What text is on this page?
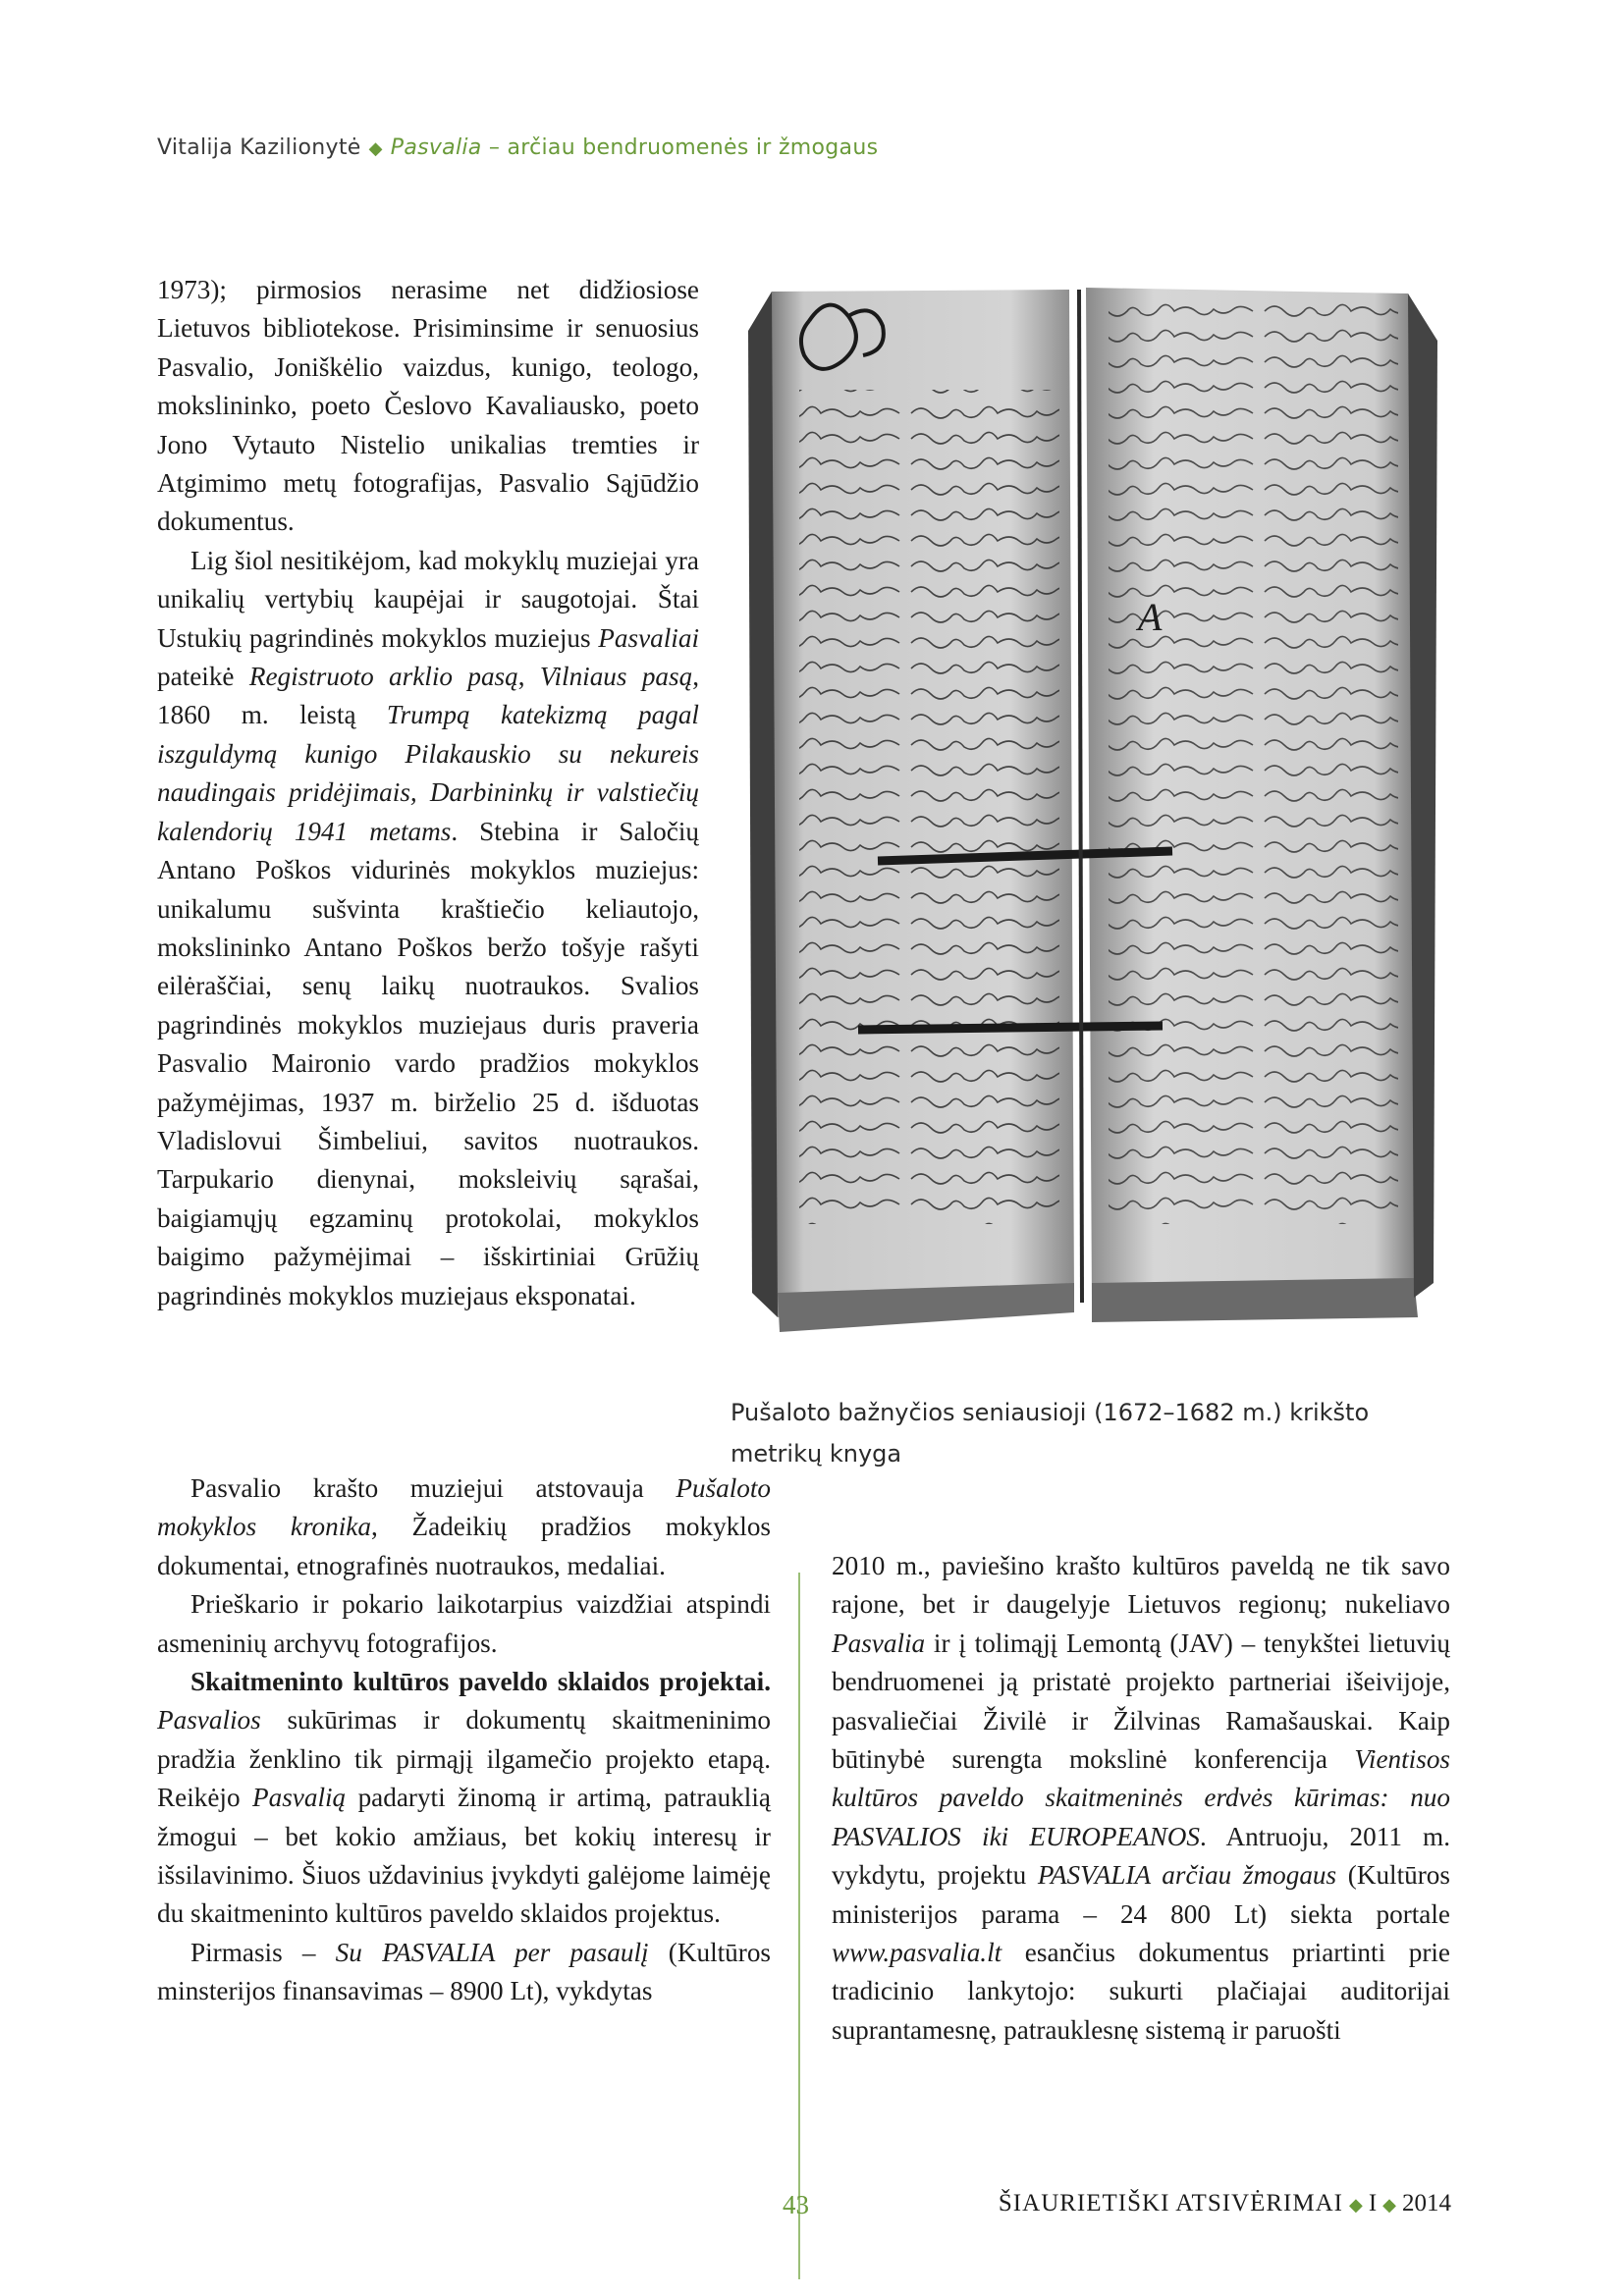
Vitalija Kazilionytė ◆ Pasvalia – arčiau bendruomenės ir žmogaus

1973); pirmosios nerasime net didžiosiose Lietuvos bibliotekose. Prisiminsime ir senuosius Pasvalio, Joniškėlio vaizdus, kunigo, teologo, mokslininko, poeto Česlovo Kavaliausko, poeto Jono Vytauto Nistelio unikalias tremties ir Atgimimo metų fotografijas, Pasvalio Sąjūdžio dokumentus.

Lig šiol nesitikėjom, kad mokyklų muziejai yra unikalių vertybių kaupėjai ir saugotojai. Štai Ustukių pagrindinės mokyklos muziejus Pasvaliai pateikė Registruoto arklio pasą, Vilniaus pasą, 1860 m. leistą Trumpą katekizmą pagal iszguldymą kunigo Pilakauskio su nekureis naudingais pridėjimais, Darbininkų ir valstiečių kalendorių 1941 metams. Stebina ir Saločių Antano Poškos vidurinės mokyklos muziejus: unikalumu sušvinta kraštiečio keliautojo, mokslininko Antano Poškos beržo tošyje rašyti eilėraščiai, senų laikų nuotraukos. Svalios pagrindinės mokyklos muziejaus duris praveria Pasvalio Maironio vardo pradžios mokyklos pažymėjimas, 1937 m. birželio 25 d. išduotas Vladislovui Šimbeliui, savitos nuotraukos. Tarpukario dienynai, moksleivių sąrašai, baigiamųjų egzaminų protokolai, mokyklos baigimo pažymėjimai – išskirtiniai Grūžių pagrindinės mokyklos muziejaus eksponatai.

A
Pušaloto bažnyčios seniausioji (1672–1682 m.) krikšto metrikų knyga

Pasvalio krašto muziejui atstovauja Pušaloto mokyklos kronika, Žadeikių pradžios mokyklos dokumentai, etnografinės nuotraukos, medaliai.

Prieškario ir pokario laikotarpius vaizdžiai atspindi asmeninių archyvų fotografijos.

Skaitmeninto kultūros paveldo sklaidos projektai. Pasvalios sukūrimas ir dokumentų skaitmeninimo pradžia ženklino tik pirmąjį ilgamečio projekto etapą. Reikėjo Pasvalią padaryti žinomą ir artimą, patrauklią žmogui – bet kokio amžiaus, bet kokių interesų ir išsilavinimo. Šiuos uždavinius įvykdyti galėjome laimėję du skaitmeninto kultūros paveldo sklaidos projektus.

Pirmasis – Su PASVALIA per pasaulį (Kultūros minsterijos finansavimas – 8900 Lt), vykdytas

2010 m., paviešino krašto kultūros paveldą ne tik savo rajone, bet ir daugelyje Lietuvos regionų; nukeliavo Pasvalia ir į tolimąjį Lemontą (JAV) – tenykštei lietuvių bendruomenei ją pristatė projekto partneriai išeivijoje, pasvaliečiai Živilė ir Žilvinas Ramašauskai. Kaip būtinybė surengta mokslinė konferencija Vientisos kultūros paveldo skaitmeninės erdvės kūrimas: nuo PASVALIOS iki EUROPEANOS. Antruoju, 2011 m. vykdytu, projektu PASVALIA arčiau žmogaus (Kultūros ministerijos parama – 24 800 Lt) siekta portale www.pasvalia.lt esančius dokumentus priartinti prie tradicinio lankytojo: sukurti plačiajai auditorijai suprantamesnę, patrauklesnę sistemą ir paruošti

43	ŠIAURIETIŠKI ATSIVĖRIMAI ◆ I ◆ 2014
